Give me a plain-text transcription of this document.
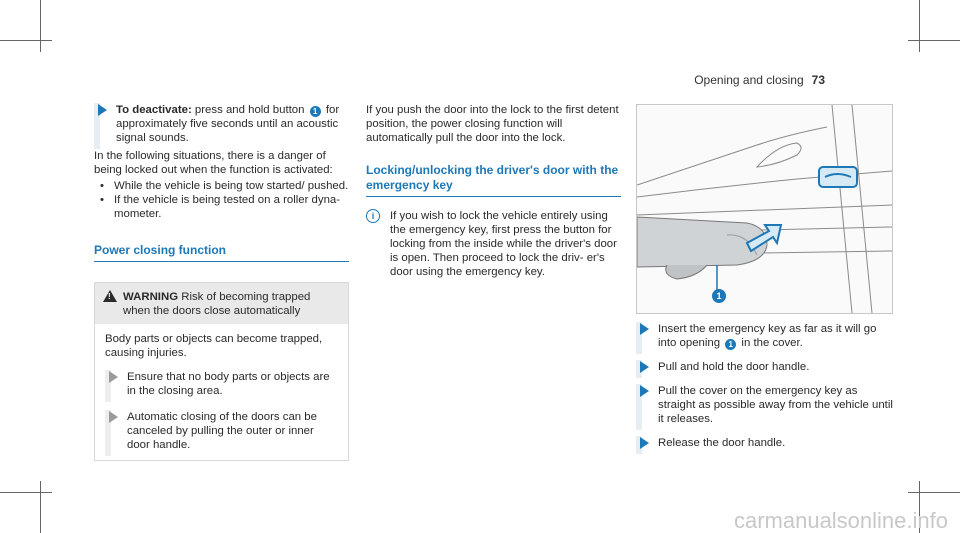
Opening and closing 73
To deactivate: press and hold button 1 for approximately five seconds until an acoustic signal sounds.
In the following situations, there is a danger of being locked out when the function is activated:
• While the vehicle is being tow started/ pushed.
• If the vehicle is being tested on a roller dyna- mometer.
Power closing function
!
WARNING Risk of becoming trapped when the doors close automatically
Body parts or objects can become trapped, causing injuries.
Ensure that no body parts or objects are in the closing area.
Automatic closing of the doors can be canceled by pulling the outer or inner door handle.
If you push the door into the lock to the first detent position, the power closing function will automatically pull the door into the lock.
Locking/unlocking the driver's door with the emergency key
i	If you wish to lock the vehicle entirely using the emergency key, first press the button for locking from the inside while the driver's door is open. Then proceed to lock the driv- er's door using the emergency key.
1
Insert the emergency key as far as it will go into opening 1 in the cover.
Pull and hold the door handle.
Pull the cover on the emergency key as straight as possible away from the vehicle until it releases.
Release the door handle.
carmanualsonline.info
